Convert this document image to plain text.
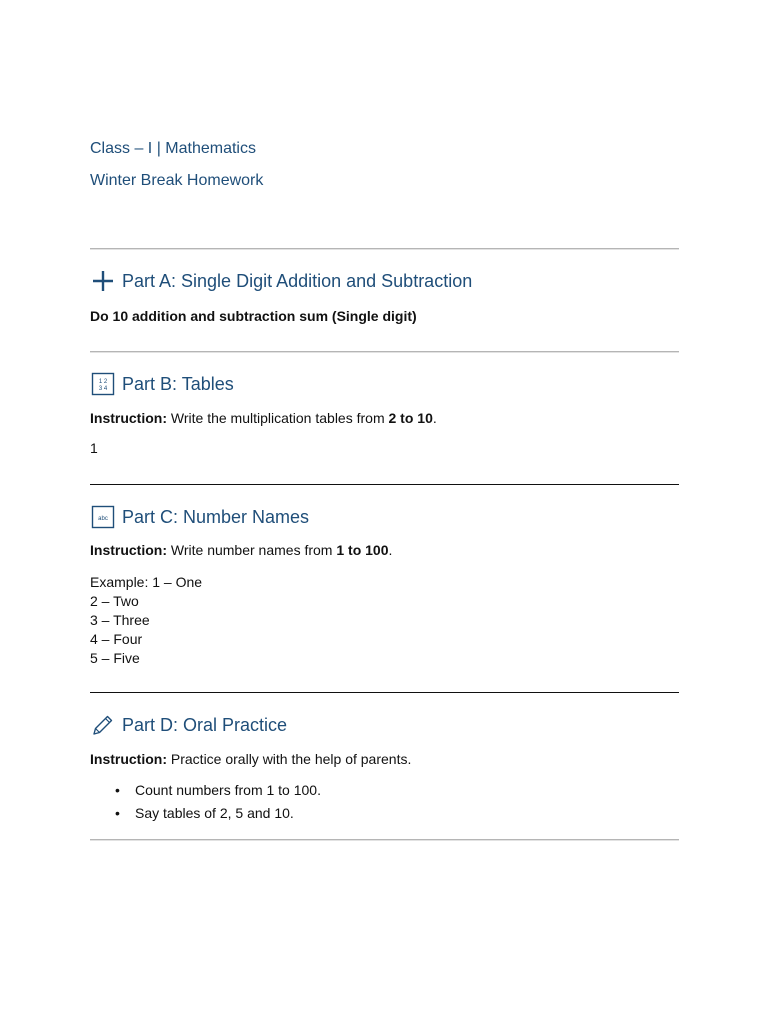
Class – I | Mathematics
Winter Break Homework
Part A: Single Digit Addition and Subtraction
Do 10 addition and subtraction sum (Single digit)
1 2
3 4 Part B: Tables
Instruction: Write the multiplication tables from 2 to 10.
1
abc Part C: Number Names
Instruction: Write number names from 1 to 100.
Example: 1 – One
2 – Two
3 – Three
4 – Four
5 – Five
Part D: Oral Practice
Instruction: Practice orally with the help of parents.
• Count numbers from 1 to 100.
• Say tables of 2, 5 and 10.
